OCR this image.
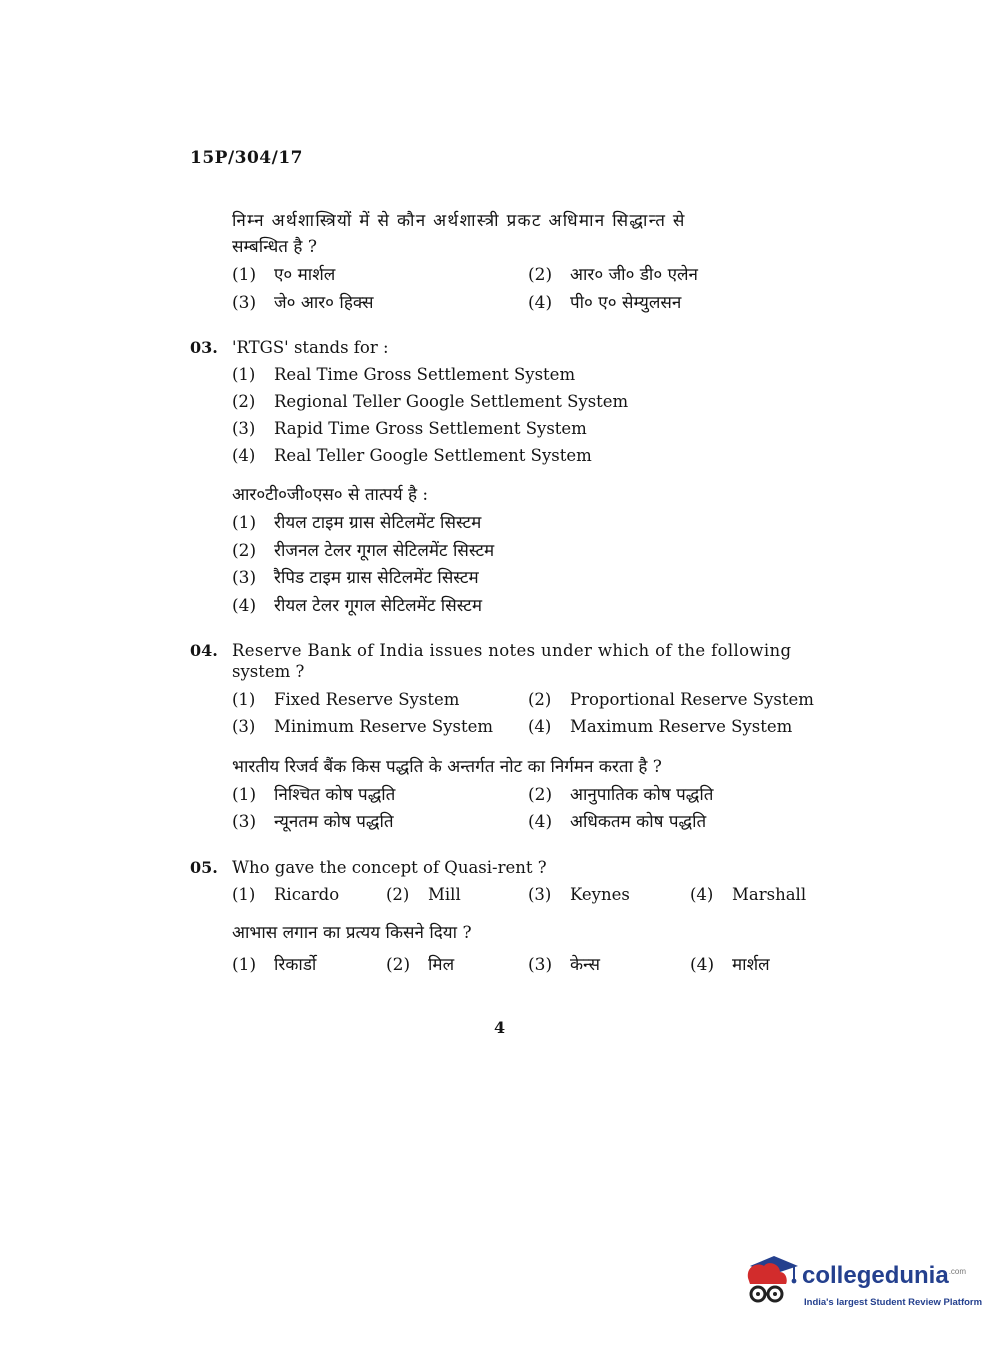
15P/304/17
निम्न अर्थशास्त्रियों में से कौन अर्थशास्त्री प्रकट अधिमान सिद्धान्त से
सम्बन्धित है ?
(1) ए० मार्शल	(2) आर० जी० डी० एलेन
(3) जे० आर० हिक्स	(4) पी० ए० सेम्युलसन
03. 'RTGS' stands for :
(1) Real Time Gross Settlement System
(2) Regional Teller Google Settlement System
(3) Rapid Time Gross Settlement System
(4) Real Teller Google Settlement System
आर०टी०जी०एस० से तात्पर्य है :
(1) रीयल टाइम ग्रास सेटिलमेंट सिस्टम
(2) रीजनल टेलर गूगल सेटिलमेंट सिस्टम
(3) रैपिड टाइम ग्रास सेटिलमेंट सिस्टम
(4) रीयल टेलर गूगल सेटिलमेंट सिस्टम
04. Reserve Bank of India issues notes under which of the following
system ?
(1) Fixed Reserve System	(2) Proportional Reserve System
(3) Minimum Reserve System (4) Maximum Reserve System
भारतीय रिजर्व बैंक किस पद्धति के अन्तर्गत नोट का निर्गमन करता है ?
(1) निश्चित कोष पद्धति	(2) आनुपातिक कोष पद्धति
(3) न्यूनतम कोष पद्धति	(4) अधिकतम कोष पद्धति
05. Who gave the concept of Quasi-rent ?
(1) Ricardo	(2) Mill	(3) Keynes	(4) Marshall
आभास लगान का प्रत्यय किसने दिया ?
(1) रिकार्डो	(2) मिल	(3) केन्स	(4) मार्शल
4
collegedunia$^{.com}$
India's largest Student Review Platform
